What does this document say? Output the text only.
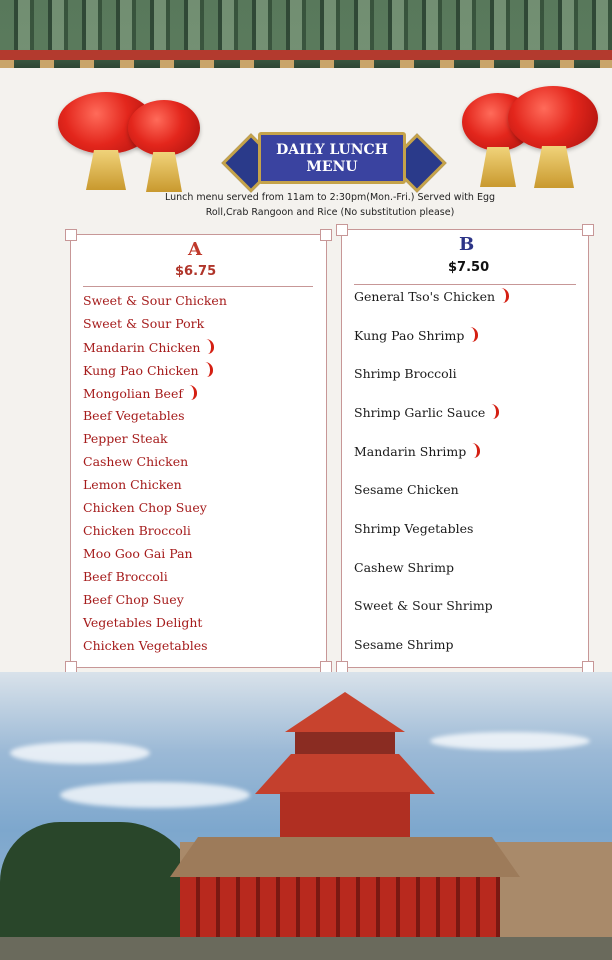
DAILY LUNCH
MENU
Lunch menu served from 11am to 2:30pm(Mon.-Fri.) Served with Egg Roll,Crab Rangoon and Rice (No substitution please)
A
$6.75
Sweet & Sour Chicken
Sweet & Sour Pork
Mandarin Chicken
Kung Pao Chicken
Mongolian Beef
Beef Vegetables
Pepper Steak
Cashew Chicken
Lemon Chicken
Chicken Chop Suey
Chicken Broccoli
Moo Goo Gai Pan
Beef Broccoli
Beef Chop Suey
Vegetables Delight
Chicken Vegetables
B
$7.50
General Tso's Chicken
Kung Pao Shrimp
Shrimp Broccoli
Shrimp Garlic Sauce
Mandarin Shrimp
Sesame Chicken
Shrimp Vegetables
Cashew Shrimp
Sweet & Sour Shrimp
Sesame Shrimp
